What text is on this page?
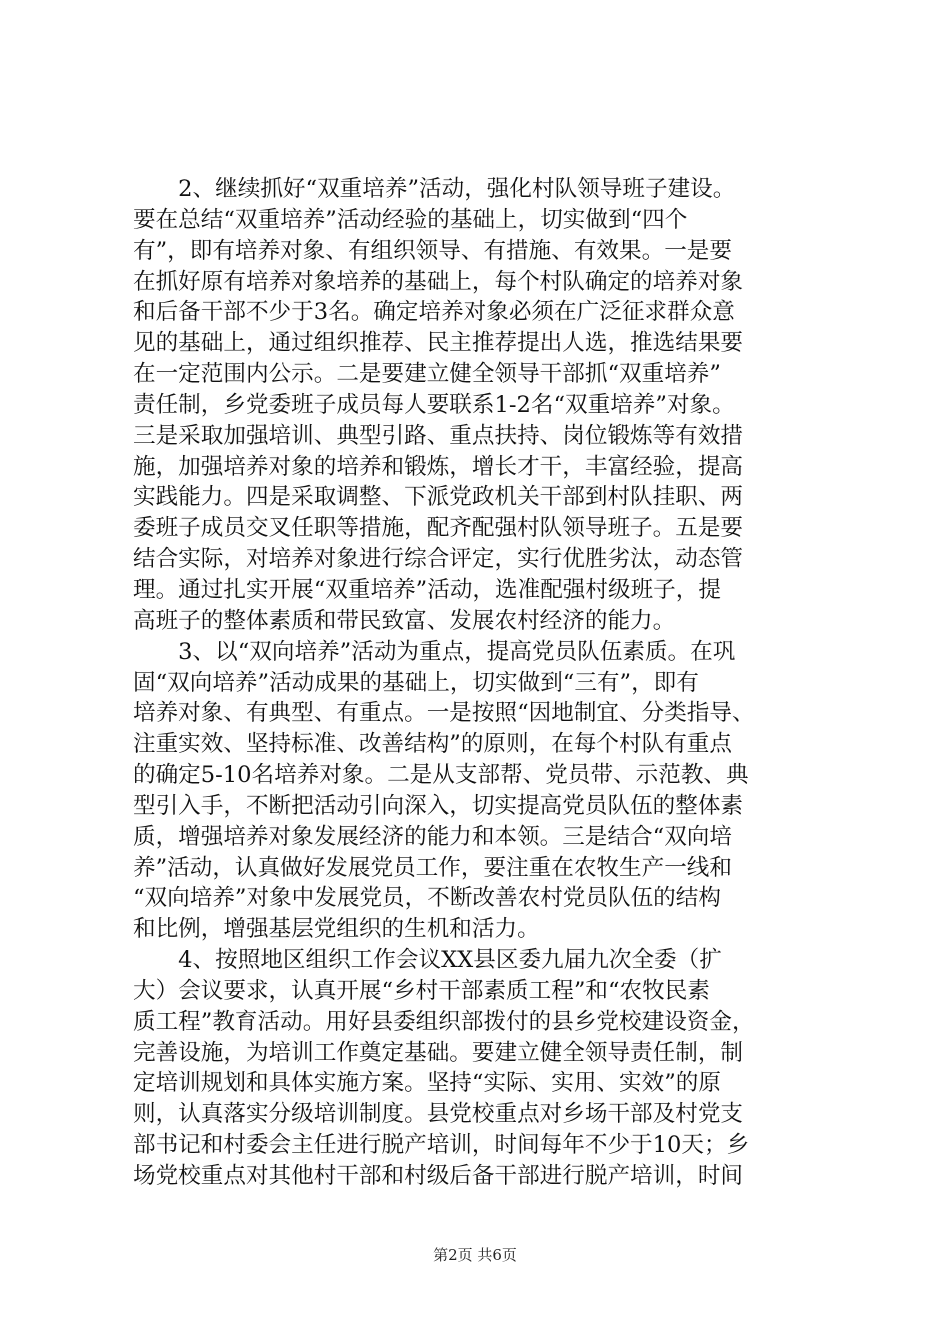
　　2、继续抓好“双重培养”活动，强化村队领导班子建设。
要在总结“双重培养”活动经验的基础上，切实做到“四个
有”，即有培养对象、有组织领导、有措施、有效果。一是要
在抓好原有培养对象培养的基础上，每个村队确定的培养对象
和后备干部不少于3名。确定培养对象必须在广泛征求群众意
见的基础上，通过组织推荐、民主推荐提出人选，推选结果要
在一定范围内公示。二是要建立健全领导干部抓“双重培养”
责任制，乡党委班子成员每人要联系1-2名“双重培养”对象。
三是采取加强培训、典型引路、重点扶持、岗位锻炼等有效措
施，加强培养对象的培养和锻炼，增长才干，丰富经验，提高
实践能力。四是采取调整、下派党政机关干部到村队挂职、两
委班子成员交叉任职等措施，配齐配强村队领导班子。五是要
结合实际，对培养对象进行综合评定，实行优胜劣汰，动态管
理。通过扎实开展“双重培养”活动，选准配强村级班子，提
高班子的整体素质和带民致富、发展农村经济的能力。
　　3、以“双向培养”活动为重点，提高党员队伍素质。在巩
固“双向培养”活动成果的基础上，切实做到“三有”，即有
培养对象、有典型、有重点。一是按照“因地制宜、分类指导、
注重实效、坚持标准、改善结构”的原则，在每个村队有重点
的确定5-10名培养对象。二是从支部帮、党员带、示范教、典
型引入手，不断把活动引向深入，切实提高党员队伍的整体素
质，增强培养对象发展经济的能力和本领。三是结合“双向培
养”活动，认真做好发展党员工作，要注重在农牧生产一线和
“双向培养”对象中发展党员，不断改善农村党员队伍的结构
和比例，增强基层党组织的生机和活力。
　　4、按照地区组织工作会议XX县区委九届九次全委（扩
大）会议要求，认真开展“乡村干部素质工程”和“农牧民素
质工程”教育活动。用好县委组织部拨付的县乡党校建设资金，
完善设施，为培训工作奠定基础。要建立健全领导责任制，制
定培训规划和具体实施方案。坚持“实际、实用、实效”的原
则，认真落实分级培训制度。县党校重点对乡场干部及村党支
部书记和村委会主任进行脱产培训，时间每年不少于10天；乡
场党校重点对其他村干部和村级后备干部进行脱产培训，时间
第2页 共6页
